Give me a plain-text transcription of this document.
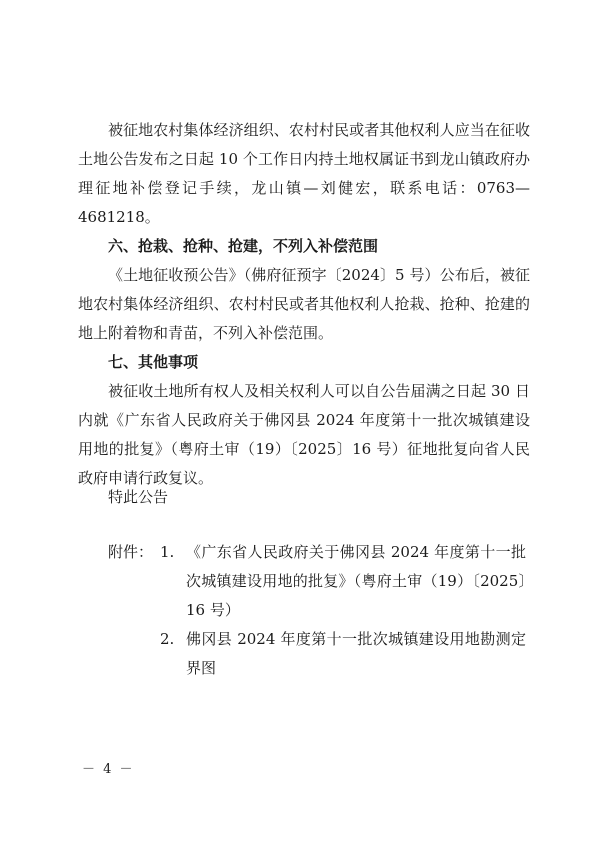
被征地农村集体经济组织、农村村民或者其他权利人应当在征收土地公告发布之日起 10 个工作日内持土地权属证书到龙山镇政府办理征地补偿登记手续，龙山镇—刘健宏，联系电话：0763—4681218。
六、抢栽、抢种、抢建，不列入补偿范围
《土地征收预公告》（佛府征预字〔2024〕5 号）公布后，被征地农村集体经济组织、农村村民或者其他权利人抢栽、抢种、抢建的地上附着物和青苗，不列入补偿范围。
七、其他事项
被征收土地所有权人及相关权利人可以自公告届满之日起 30 日内就《广东省人民政府关于佛冈县 2024 年度第十一批次城镇建设用地的批复》（粤府土审（19）〔2025〕16 号）征地批复向省人民政府申请行政复议。
特此公告
附件： 1. 《广东省人民政府关于佛冈县 2024 年度第十一批次城镇建设用地的批复》（粤府土审（19）〔2025〕16 号）
2. 佛冈县 2024 年度第十一批次城镇建设用地勘测定界图
－ 4 －
